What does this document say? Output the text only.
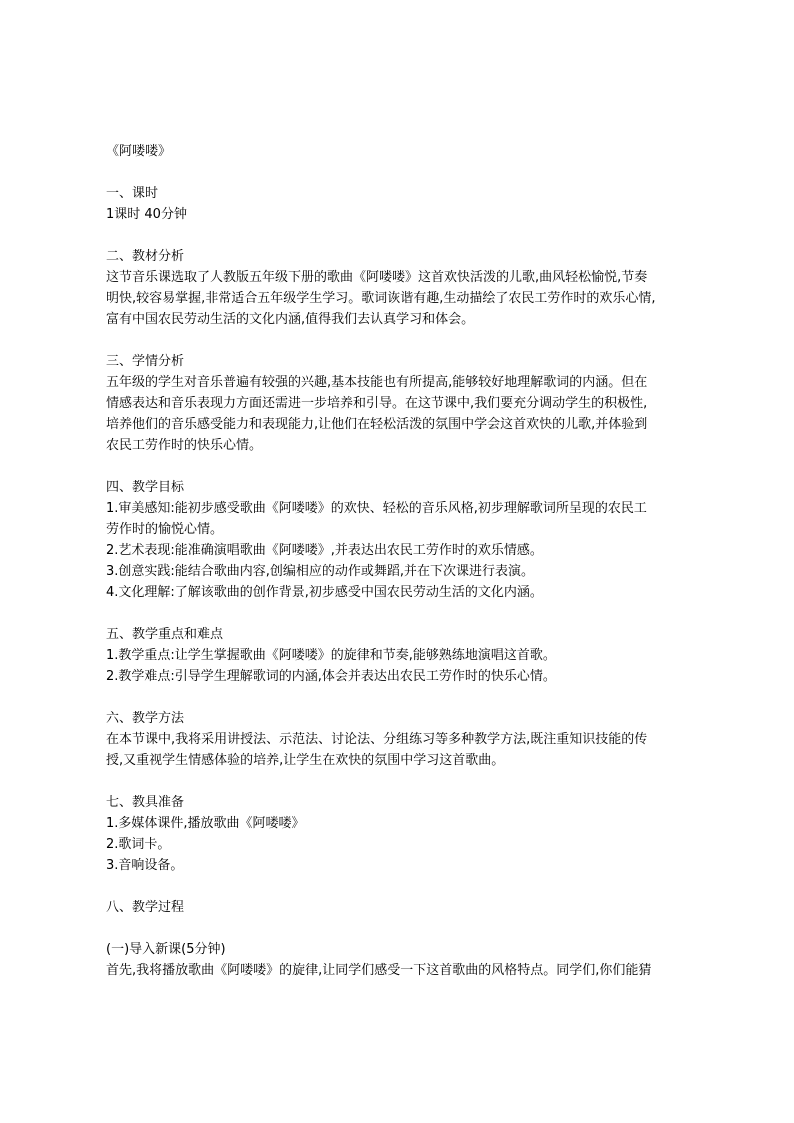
《阿喽喽》
一、课时
1课时 40分钟
二、教材分析
这节音乐课选取了人教版五年级下册的歌曲《阿喽喽》这首欢快活泼的儿歌,曲风轻松愉悦,节奏
明快,较容易掌握,非常适合五年级学生学习。歌词诙谐有趣,生动描绘了农民工劳作时的欢乐心情,
富有中国农民劳动生活的文化内涵,值得我们去认真学习和体会。
三、学情分析
五年级的学生对音乐普遍有较强的兴趣,基本技能也有所提高,能够较好地理解歌词的内涵。但在
情感表达和音乐表现力方面还需进一步培养和引导。在这节课中,我们要充分调动学生的积极性,
培养他们的音乐感受能力和表现能力,让他们在轻松活泼的氛围中学会这首欢快的儿歌,并体验到
农民工劳作时的快乐心情。
四、教学目标
1.审美感知:能初步感受歌曲《阿喽喽》的欢快、轻松的音乐风格,初步理解歌词所呈现的农民工
劳作时的愉悦心情。
2.艺术表现:能准确演唱歌曲《阿喽喽》,并表达出农民工劳作时的欢乐情感。
3.创意实践:能结合歌曲内容,创编相应的动作或舞蹈,并在下次课进行表演。
4.文化理解:了解该歌曲的创作背景,初步感受中国农民劳动生活的文化内涵。
五、教学重点和难点
1.教学重点:让学生掌握歌曲《阿喽喽》的旋律和节奏,能够熟练地演唱这首歌。
2.教学难点:引导学生理解歌词的内涵,体会并表达出农民工劳作时的快乐心情。
六、教学方法
在本节课中,我将采用讲授法、示范法、讨论法、分组练习等多种教学方法,既注重知识技能的传
授,又重视学生情感体验的培养,让学生在欢快的氛围中学习这首歌曲。
七、教具准备
1.多媒体课件,播放歌曲《阿喽喽》
2.歌词卡。
3.音响设备。
八、教学过程
(一)导入新课(5分钟)
首先,我将播放歌曲《阿喽喽》的旋律,让同学们感受一下这首歌曲的风格特点。同学们,你们能猜
